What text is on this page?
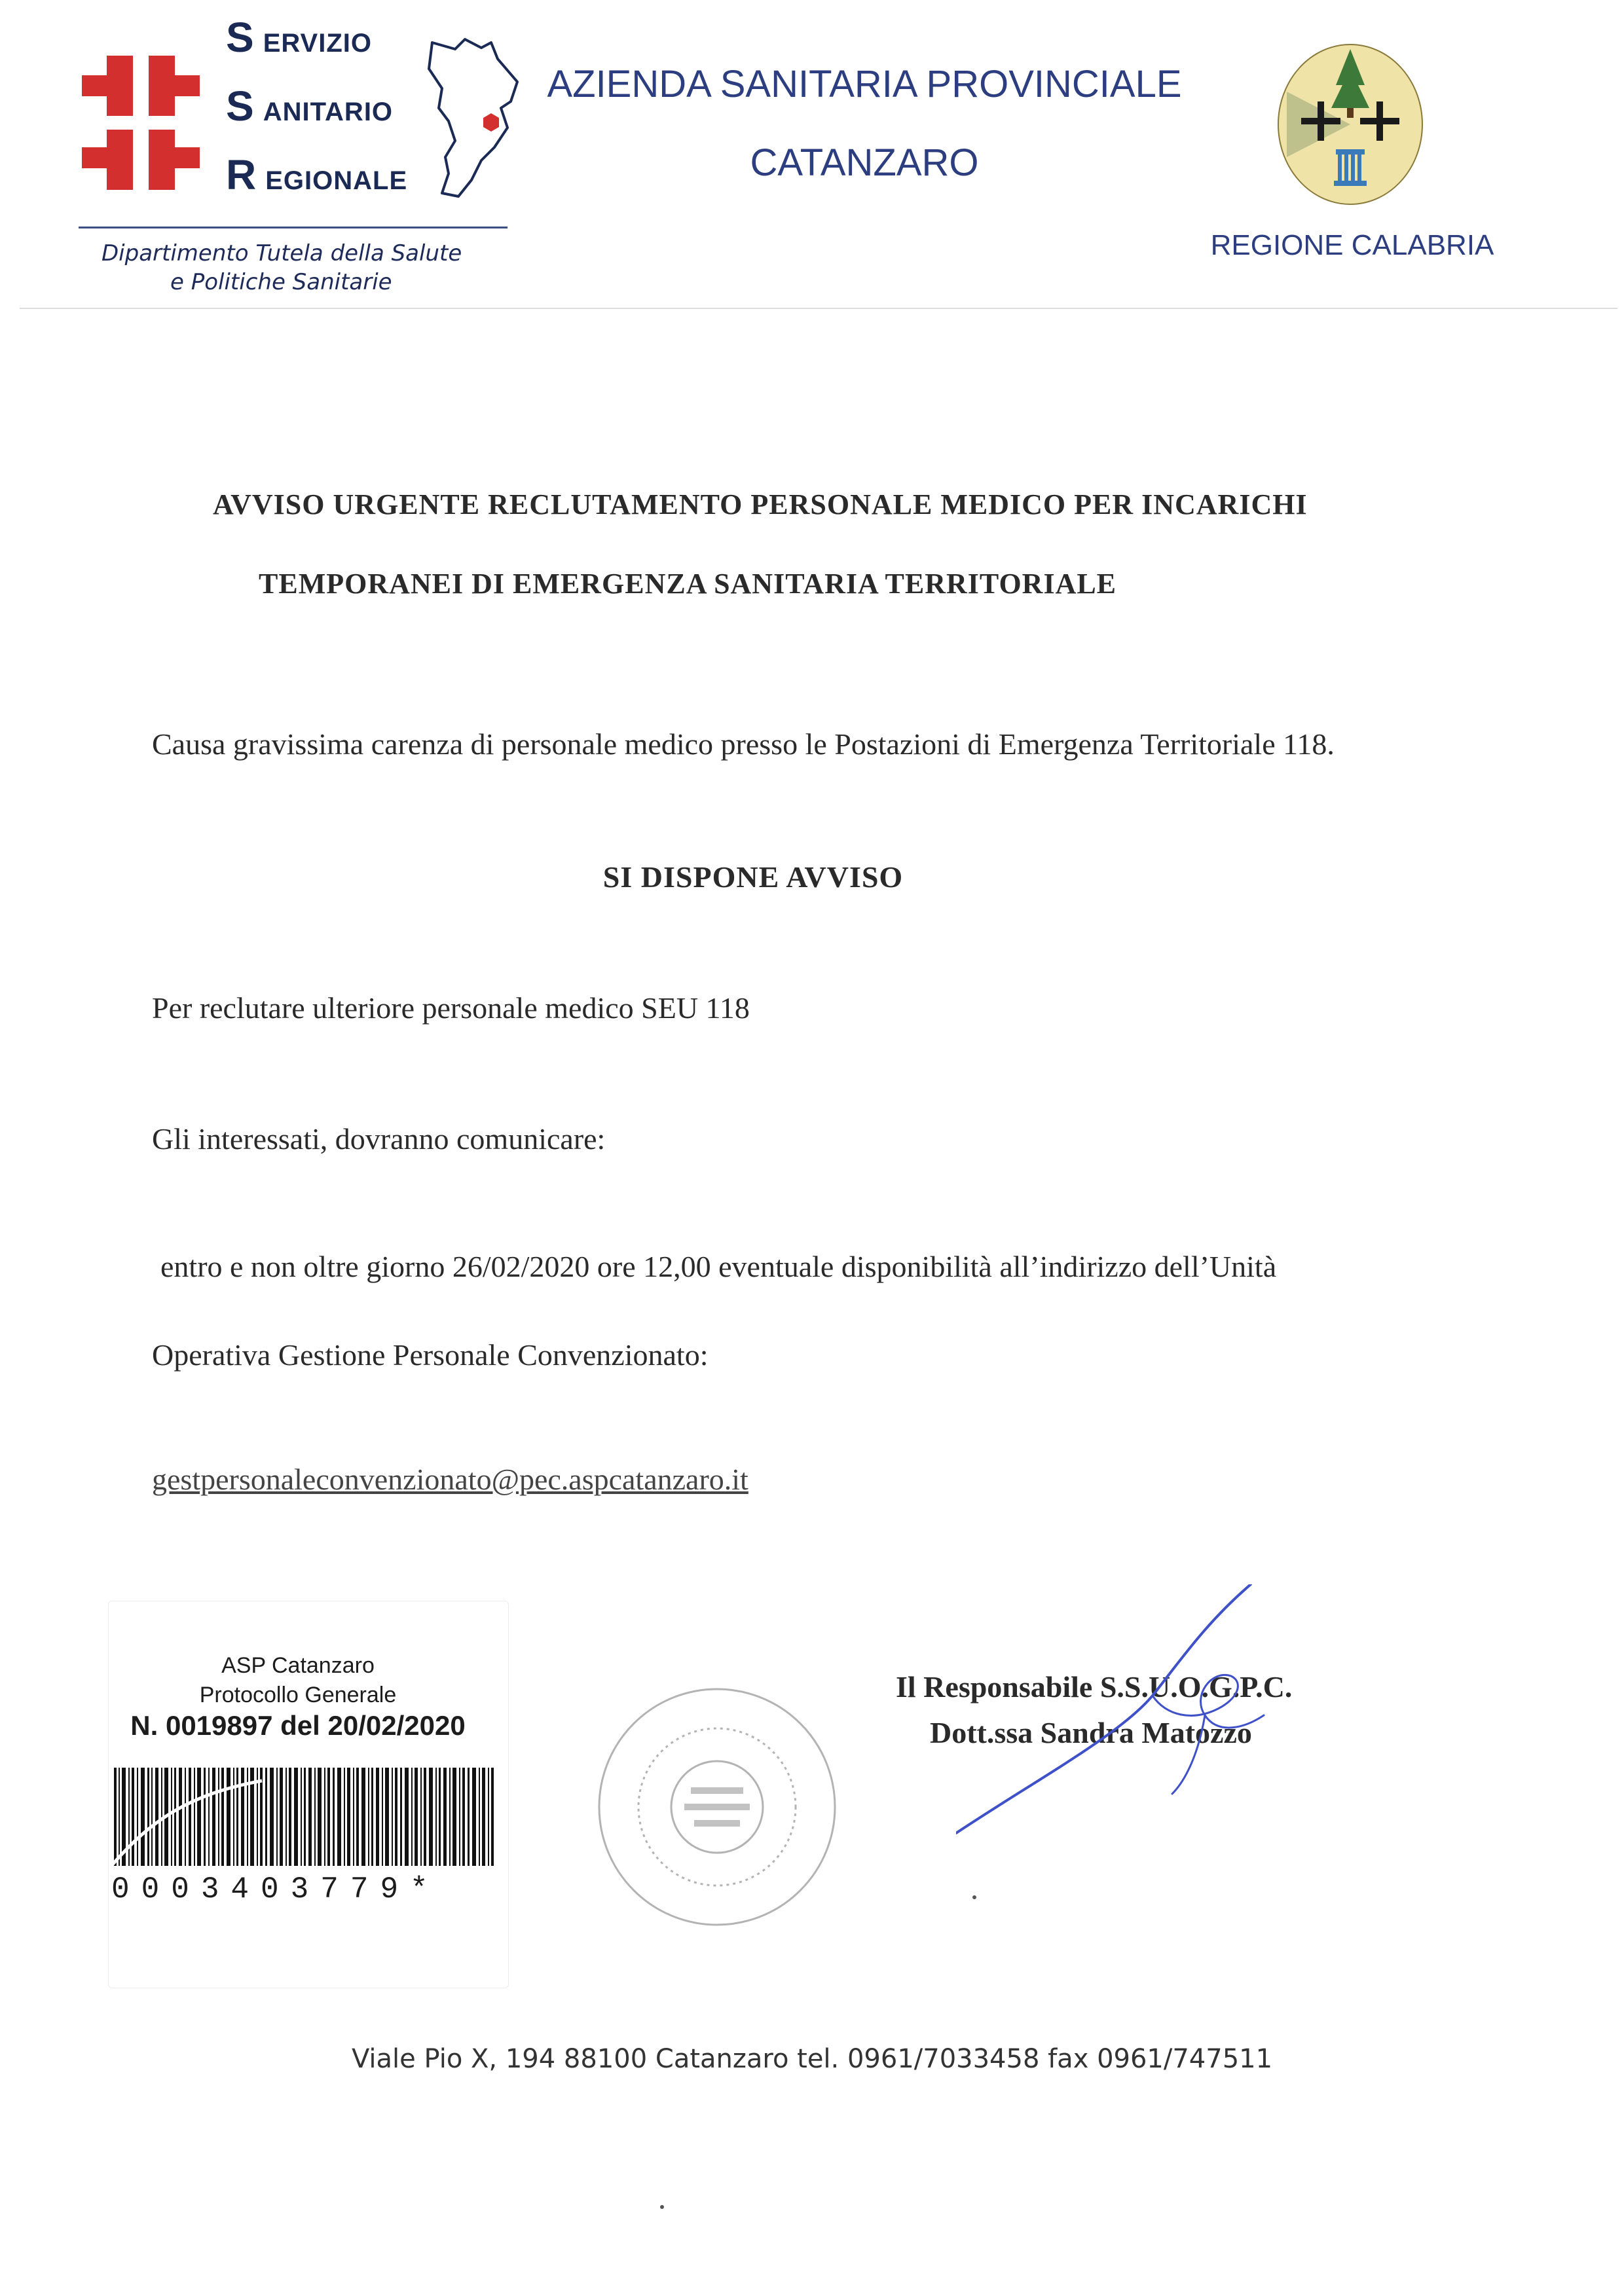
SERVIZIO
SANITARIO
REGIONALE
Dipartimento Tutela della Salute
e Politiche Sanitarie
AZIENDA SANITARIA PROVINCIALE
CATANZARO
REGIONE CALABRIA
AVVISO URGENTE RECLUTAMENTO PERSONALE MEDICO PER INCARICHI
TEMPORANEI DI EMERGENZA SANITARIA TERRITORIALE
Causa gravissima carenza di personale medico presso le Postazioni di Emergenza Territoriale 118.
SI DISPONE AVVISO
Per reclutare ulteriore personale medico SEU 118
Gli interessati, dovranno comunicare:
entro e non oltre giorno 26/02/2020 ore 12,00 eventuale disponibilità all’indirizzo dell’Unità
Operativa Gestione Personale Convenzionato:
gestpersonaleconvenzionato@pec.aspcatanzaro.it
ASP Catanzaro
Protocollo Generale
N. 0019897 del 20/02/2020
0003403779*
Il Responsabile S.S.U.O.G.P.C.
Dott.ssa Sandra Matozzo
Viale Pio X, 194 88100 Catanzaro tel. 0961/7033458 fax 0961/747511
